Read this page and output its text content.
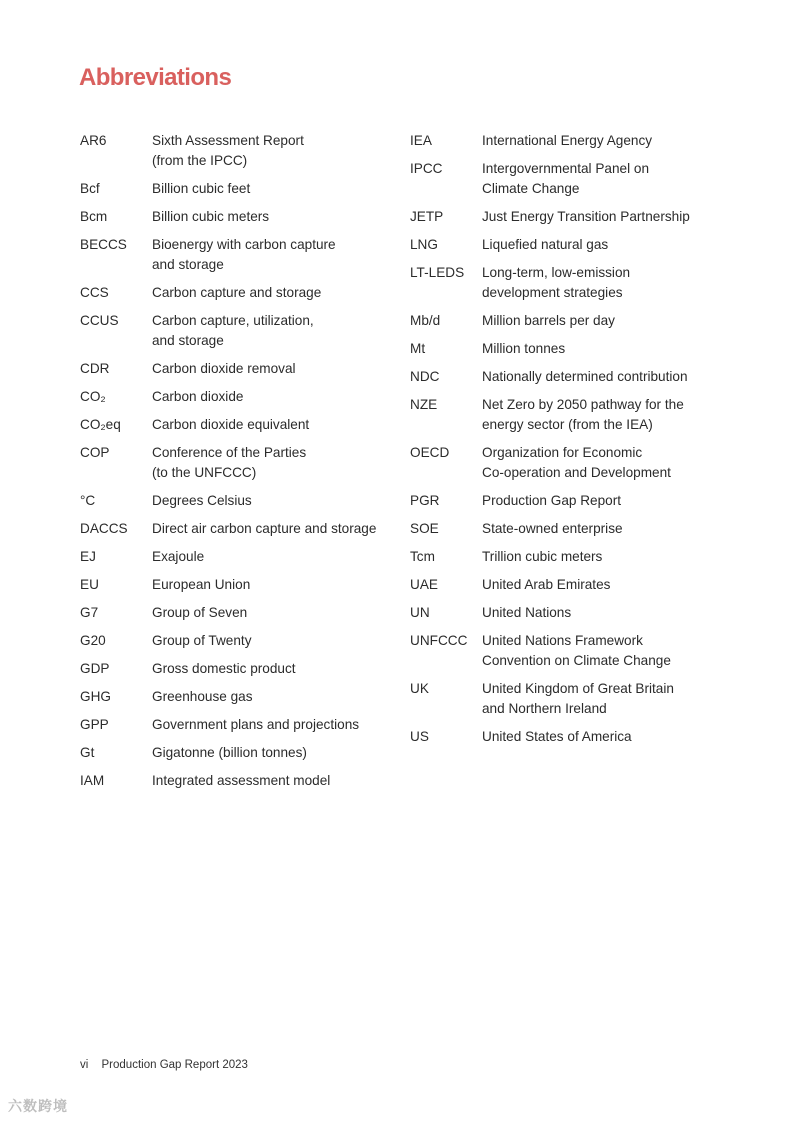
Abbreviations
AR6	Sixth Assessment Report
(from the IPCC)
Bcf	Billion cubic feet
Bcm	Billion cubic meters
BECCS	Bioenergy with carbon capture
and storage
CCS	Carbon capture and storage
CCUS	Carbon capture, utilization,
and storage
CDR	Carbon dioxide removal
CO₂	Carbon dioxide
CO₂eq	Carbon dioxide equivalent
COP	Conference of the Parties
(to the UNFCCC)
°C	Degrees Celsius
DACCS	Direct air carbon capture and storage
EJ	Exajoule
EU	European Union
G7	Group of Seven
G20	Group of Twenty
GDP	Gross domestic product
GHG	Greenhouse gas
GPP	Government plans and projections
Gt	Gigatonne (billion tonnes)
IAM	Integrated assessment model
IEA	International Energy Agency
IPCC	Intergovernmental Panel on
Climate Change
JETP	Just Energy Transition Partnership
LNG	Liquefied natural gas
LT-LEDS	Long-term, low-emission
development strategies
Mb/d	Million barrels per day
Mt	Million tonnes
NDC	Nationally determined contribution
NZE	Net Zero by 2050 pathway for the
energy sector (from the IEA)
OECD	Organization for Economic
Co-operation and Development
PGR	Production Gap Report
SOE	State-owned enterprise
Tcm	Trillion cubic meters
UAE	United Arab Emirates
UN	United Nations
UNFCCC	United Nations Framework
Convention on Climate Change
UK	United Kingdom of Great Britain
and Northern Ireland
US	United States of America
vi Production Gap Report 2023
六数跨境
